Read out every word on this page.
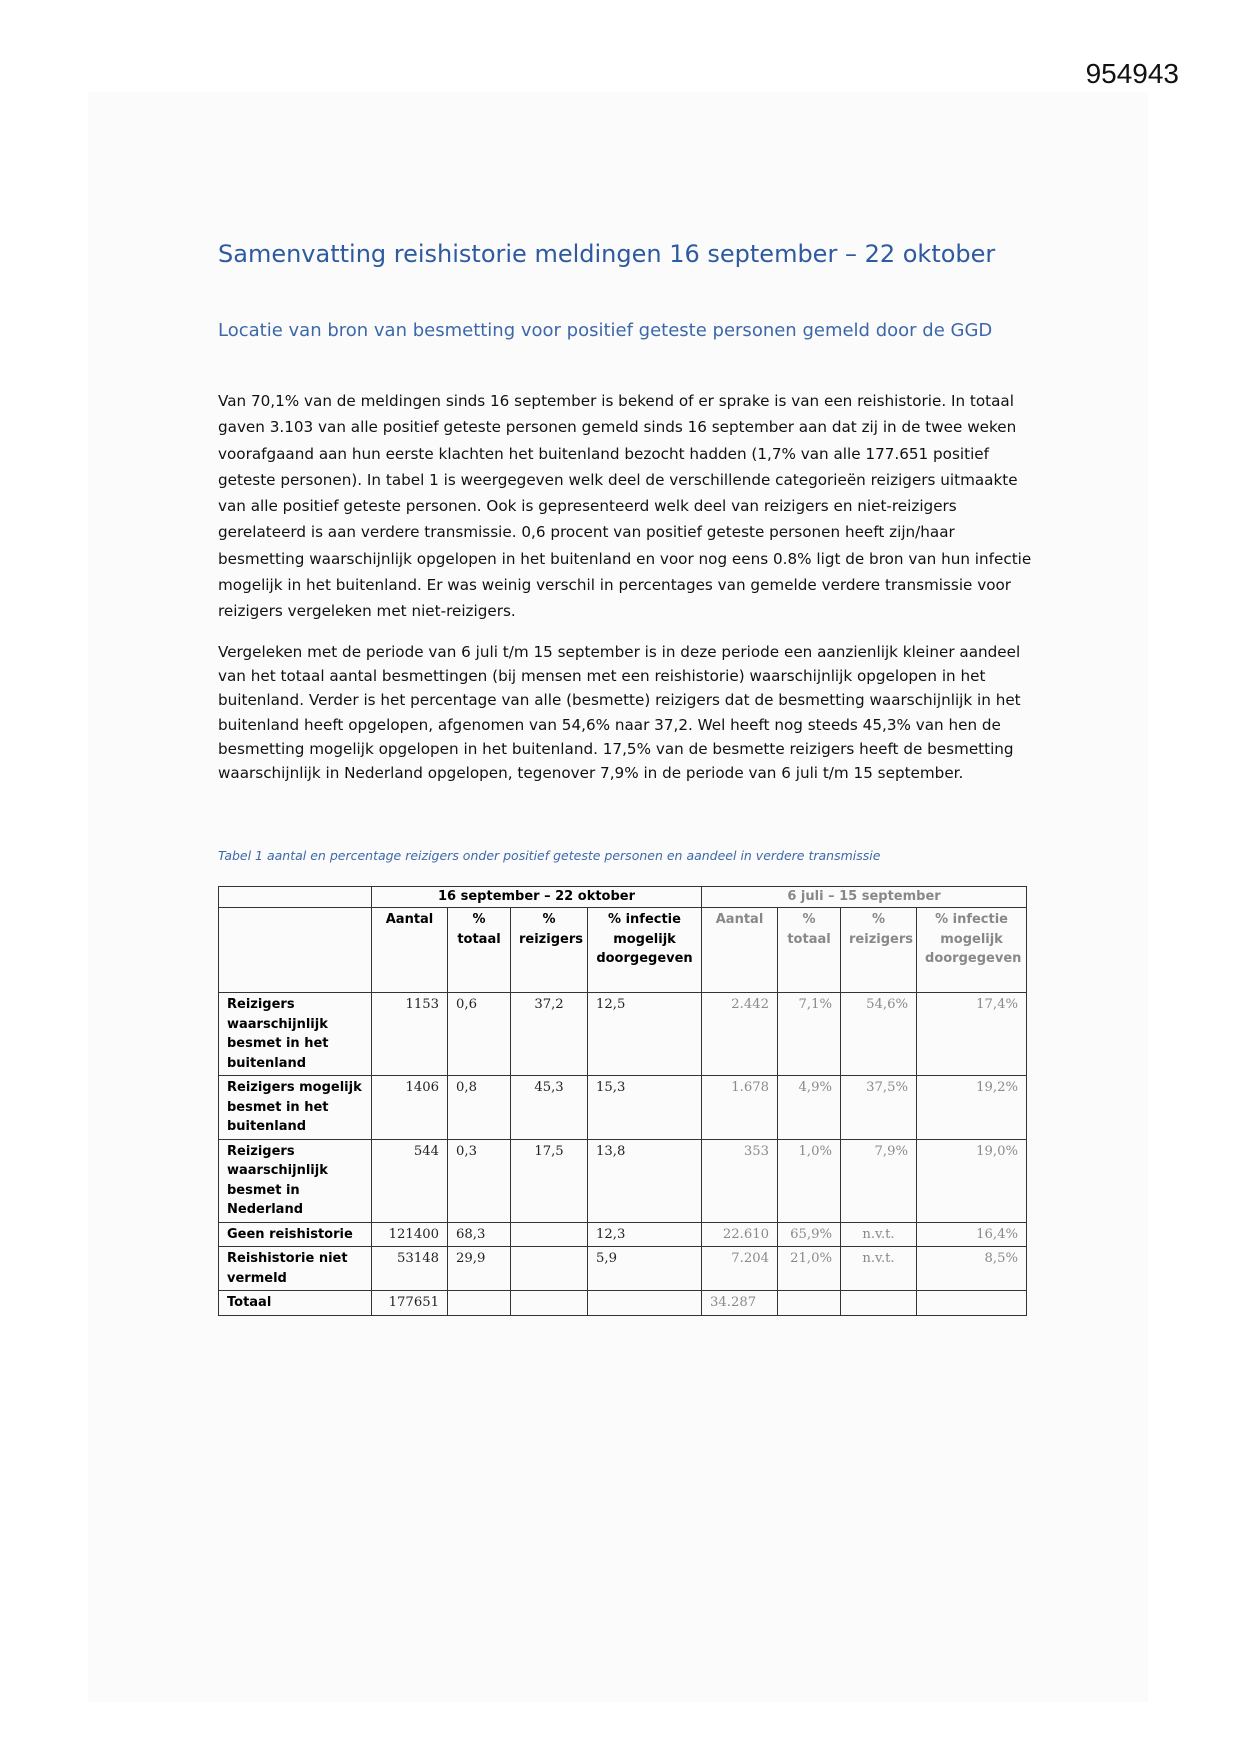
954943
Samenvatting reishistorie meldingen 16 september – 22 oktober
Locatie van bron van besmetting voor positief geteste personen gemeld door de GGD

Van 70,1% van de meldingen sinds 16 september is bekend of er sprake is van een reishistorie. In totaal gaven 3.103 van alle positief geteste personen gemeld sinds 16 september aan dat zij in de twee weken voorafgaand aan hun eerste klachten het buitenland bezocht hadden (1,7% van alle 177.651 positief geteste personen). In tabel 1 is weergegeven welk deel de verschillende categorieën reizigers uitmaakte van alle positief geteste personen. Ook is gepresenteerd welk deel van reizigers en niet-reizigers gerelateerd is aan verdere transmissie. 0,6 procent van positief geteste personen heeft zijn/haar besmetting waarschijnlijk opgelopen in het buitenland en voor nog eens 0.8% ligt de bron van hun infectie mogelijk in het buitenland. Er was weinig verschil in percentages van gemelde verdere transmissie voor reizigers vergeleken met niet-reizigers.

Vergeleken met de periode van 6 juli t/m 15 september is in deze periode een aanzienlijk kleiner aandeel van het totaal aantal besmettingen (bij mensen met een reishistorie) waarschijnlijk opgelopen in het buitenland. Verder is het percentage van alle (besmette) reizigers dat de besmetting waarschijnlijk in het buitenland heeft opgelopen, afgenomen van 54,6% naar 37,2. Wel heeft nog steeds 45,3% van hen de besmetting mogelijk opgelopen in het buitenland. 17,5% van de besmette reizigers heeft de besmetting waarschijnlijk in Nederland opgelopen, tegenover 7,9% in de periode van 6 juli t/m 15 september.

Tabel 1 aantal en percentage reizigers onder positief geteste personen en aandeel in verdere transmissie

	16 september – 22 oktober				6 juli – 15 september			
	Aantal	% totaal	% reizigers	% infectie mogelijk doorgegeven	Aantal	% totaal	% reizigers	% infectie mogelijk doorgegeven
Reizigers waarschijnlijk besmet in het buitenland	1153	0,6	37,2	12,5	2.442	7,1%	54,6%	17,4%
Reizigers mogelijk besmet in het buitenland	1406	0,8	45,3	15,3	1.678	4,9%	37,5%	19,2%
Reizigers waarschijnlijk besmet in Nederland	544	0,3	17,5	13,8	353	1,0%	7,9%	19,0%
Geen reishistorie	121400	68,3		12,3	22.610	65,9%	n.v.t.	16,4%
Reishistorie niet vermeld	53148	29,9		5,9	7.204	21,0%	n.v.t.	8,5%
Totaal	177651				34.287			
